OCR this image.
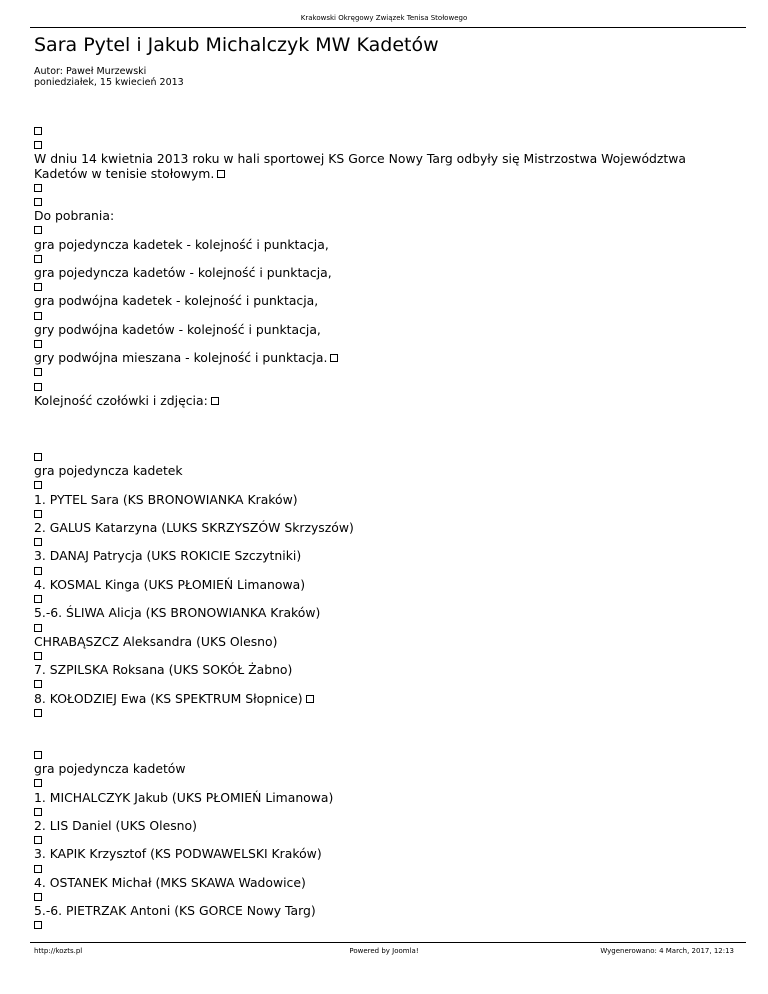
Krakowski Okręgowy Związek Tenisa Stołowego
Sara Pytel i Jakub Michalczyk MW Kadetów
Autor: Paweł Murzewski
poniedziałek, 15 kwiecień 2013
W dniu 14 kwietnia 2013 roku w hali sportowej KS Gorce Nowy Targ odbyły się Mistrzostwa Województwa
Kadetów w tenisie stołowym.
Do pobrania:
gra pojedyncza kadetek - kolejność i punktacja,
gra pojedyncza kadetów - kolejność i punktacja,
gra podwójna kadetek - kolejność i punktacja,
gry podwójna kadetów - kolejność i punktacja,
gry podwójna mieszana - kolejność i punktacja.
Kolejność czołówki i zdjęcia:
gra pojedyncza kadetek
1. PYTEL Sara (KS BRONOWIANKA Kraków)
2. GALUS Katarzyna (LUKS SKRZYSZÓW Skrzyszów)
3. DANAJ Patrycja (UKS ROKICIE Szczytniki)
4. KOSMAL Kinga (UKS PŁOMIEŃ Limanowa)
5.-6. ŚLIWA Alicja (KS BRONOWIANKA Kraków)
CHRABĄSZCZ Aleksandra (UKS Olesno)
7. SZPILSKA Roksana (UKS SOKÓŁ Żabno)
8. KOŁODZIEJ Ewa (KS SPEKTRUM Słopnice)
gra pojedyncza kadetów
1. MICHALCZYK Jakub (UKS PŁOMIEŃ Limanowa)
2. LIS Daniel (UKS Olesno)
3. KAPIK Krzysztof (KS PODWAWELSKI Kraków)
4. OSTANEK Michał (MKS SKAWA Wadowice)
5.-6. PIETRZAK Antoni (KS GORCE Nowy Targ)
http://kozts.pl	Powered by Joomla!	Wygenerowano: 4 March, 2017, 12:13
